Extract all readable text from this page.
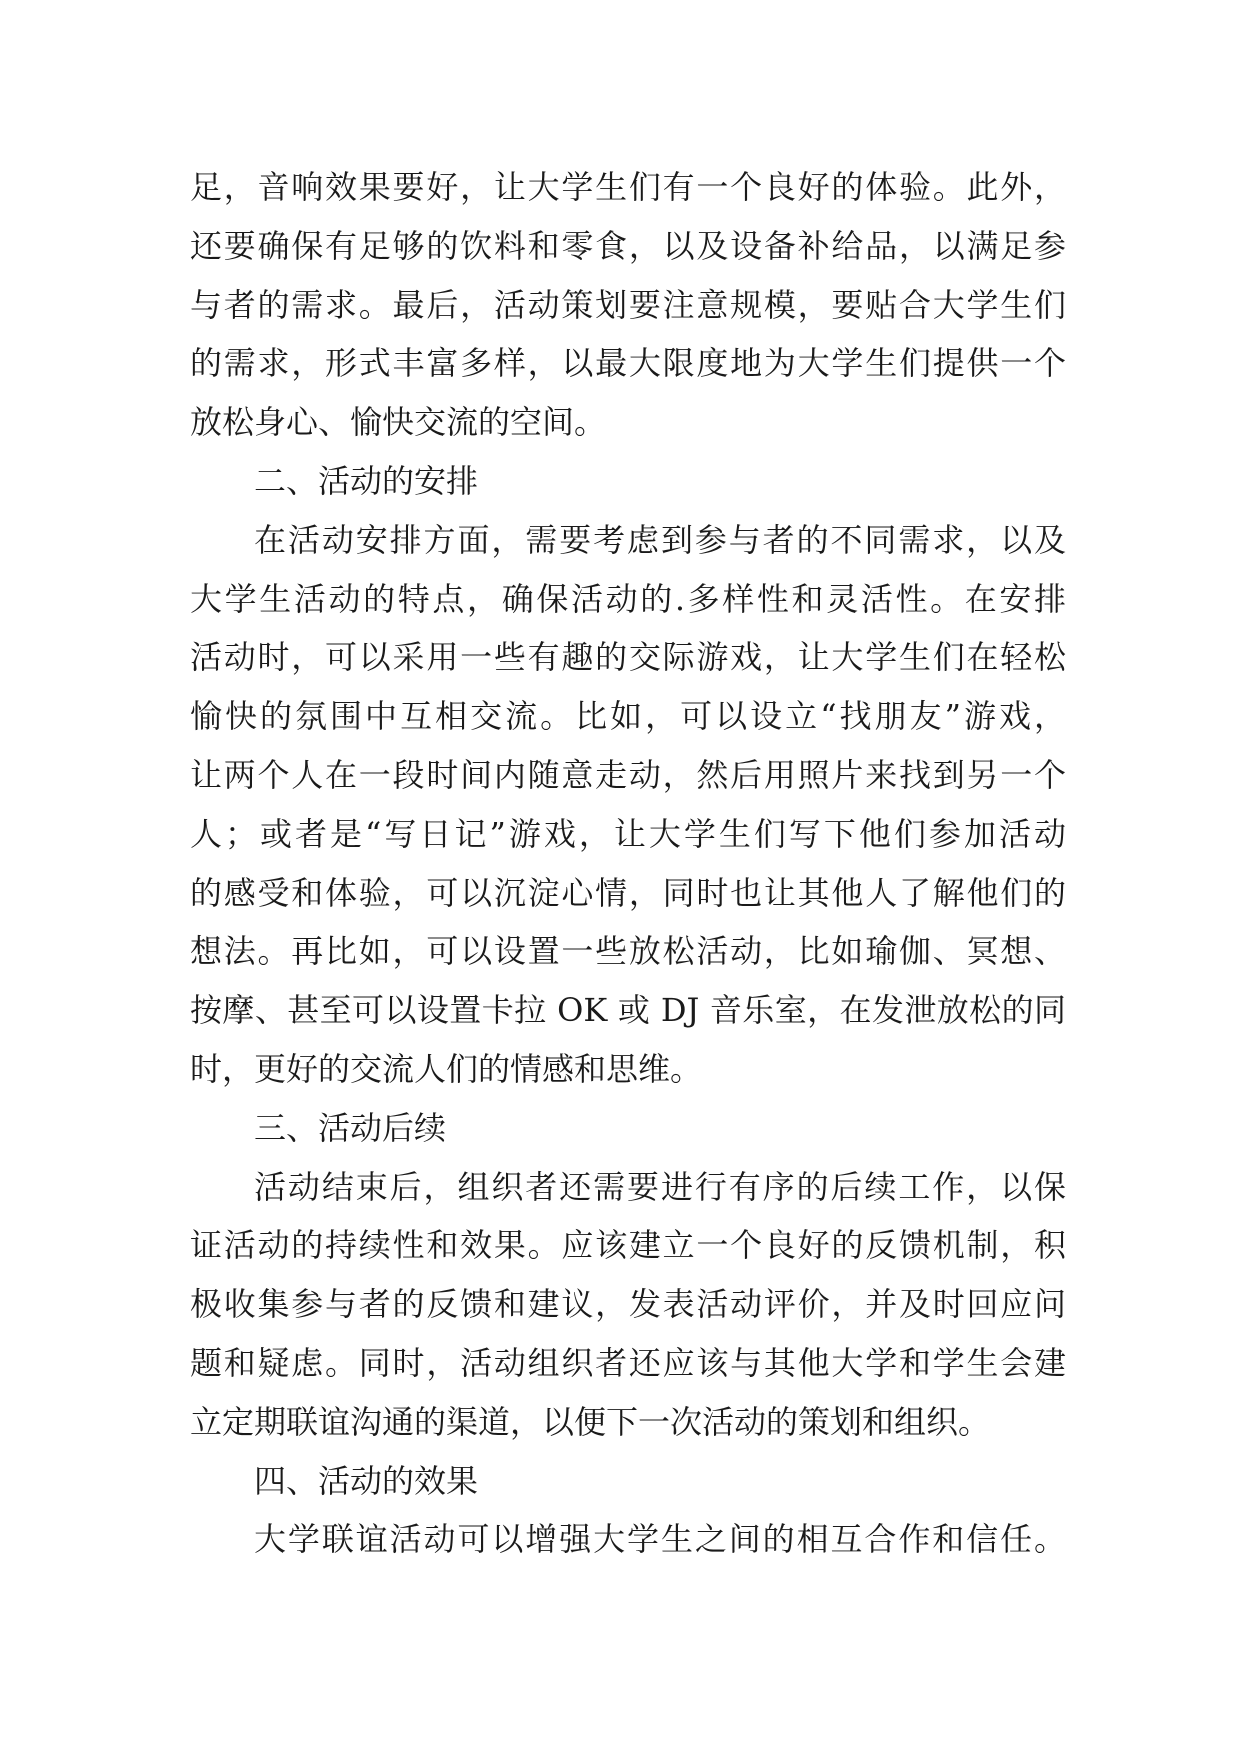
足，音响效果要好，让大学生们有一个良好的体验。此外，
还要确保有足够的饮料和零食，以及设备补给品，以满足参
与者的需求。最后，活动策划要注意规模，要贴合大学生们
的需求，形式丰富多样，以最大限度地为大学生们提供一个
放松身心、愉快交流的空间。
二、活动的安排
在活动安排方面，需要考虑到参与者的不同需求，以及
大学生活动的特点，确保活动的.多样性和灵活性。在安排
活动时，可以采用一些有趣的交际游戏，让大学生们在轻松
愉快的氛围中互相交流。比如，可以设立“找朋友”游戏，
让两个人在一段时间内随意走动，然后用照片来找到另一个
人；或者是“写日记”游戏，让大学生们写下他们参加活动
的感受和体验，可以沉淀心情，同时也让其他人了解他们的
想法。再比如，可以设置一些放松活动，比如瑜伽、冥想、
按摩、甚至可以设置卡拉 OK 或 DJ 音乐室，在发泄放松的同
时，更好的交流人们的情感和思维。
三、活动后续
活动结束后，组织者还需要进行有序的后续工作，以保
证活动的持续性和效果。应该建立一个良好的反馈机制，积
极收集参与者的反馈和建议，发表活动评价，并及时回应问
题和疑虑。同时，活动组织者还应该与其他大学和学生会建
立定期联谊沟通的渠道，以便下一次活动的策划和组织。
四、活动的效果
大学联谊活动可以增强大学生之间的相互合作和信任。
